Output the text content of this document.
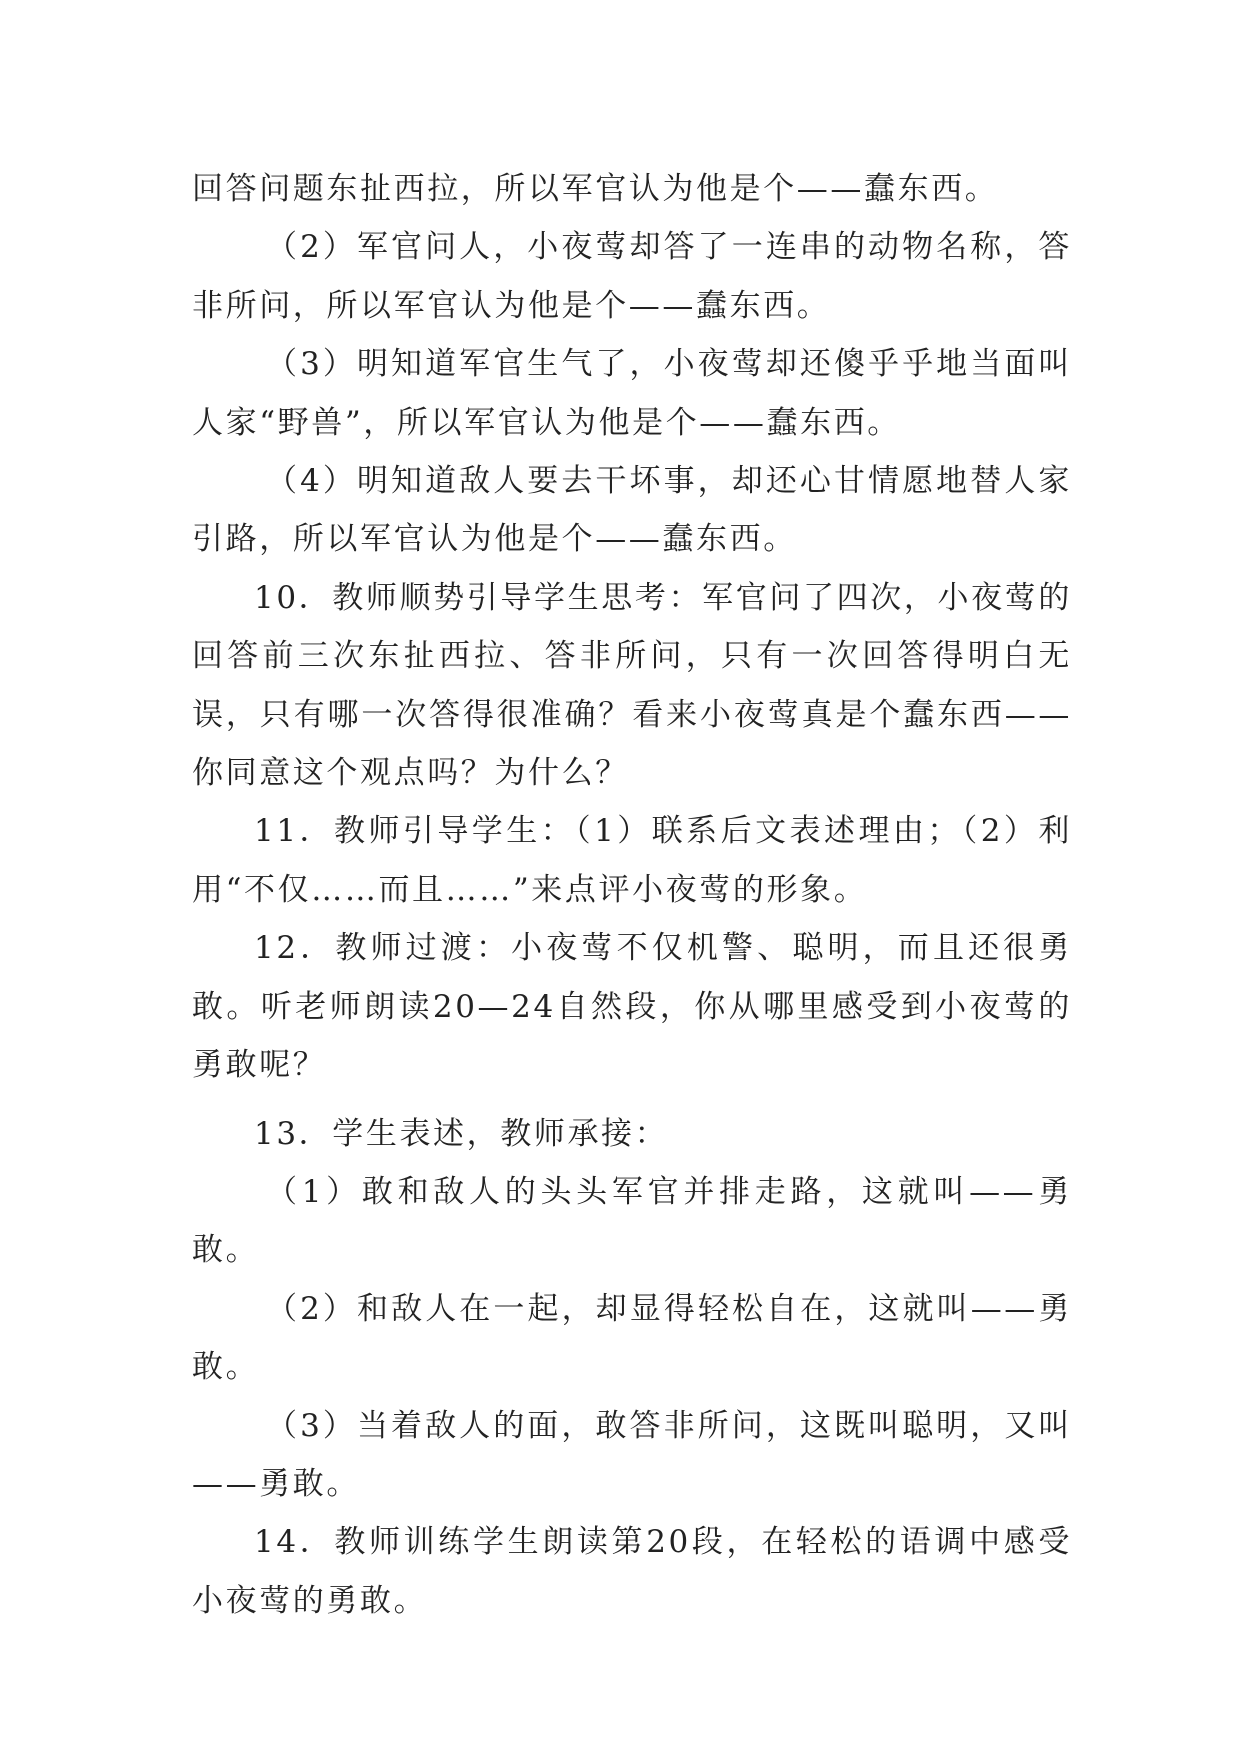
回答问题东扯西拉，所以军官认为他是个——蠢东西。

（2）军官问人，小夜莺却答了一连串的动物名称，答非所问，所以军官认为他是个——蠢东西。

（3）明知道军官生气了，小夜莺却还傻乎乎地当面叫人家“野兽”，所以军官认为他是个——蠢东西。

（4）明知道敌人要去干坏事，却还心甘情愿地替人家引路，所以军官认为他是个——蠢东西。

10．教师顺势引导学生思考：军官问了四次，小夜莺的回答前三次东扯西拉、答非所问，只有一次回答得明白无误，只有哪一次答得很准确？看来小夜莺真是个蠢东西——你同意这个观点吗？为什么？

11．教师引导学生：（1）联系后文表述理由；（2）利用“不仅……而且……”来点评小夜莺的形象。

12．教师过渡：小夜莺不仅机警、聪明，而且还很勇敢。听老师朗读20—24自然段，你从哪里感受到小夜莺的勇敢呢？

13．学生表述，教师承接：

（1）敢和敌人的头头军官并排走路，这就叫——勇敢。

（2）和敌人在一起，却显得轻松自在，这就叫——勇敢。

（3）当着敌人的面，敢答非所问，这既叫聪明，又叫——勇敢。

14．教师训练学生朗读第20段，在轻松的语调中感受小夜莺的勇敢。
